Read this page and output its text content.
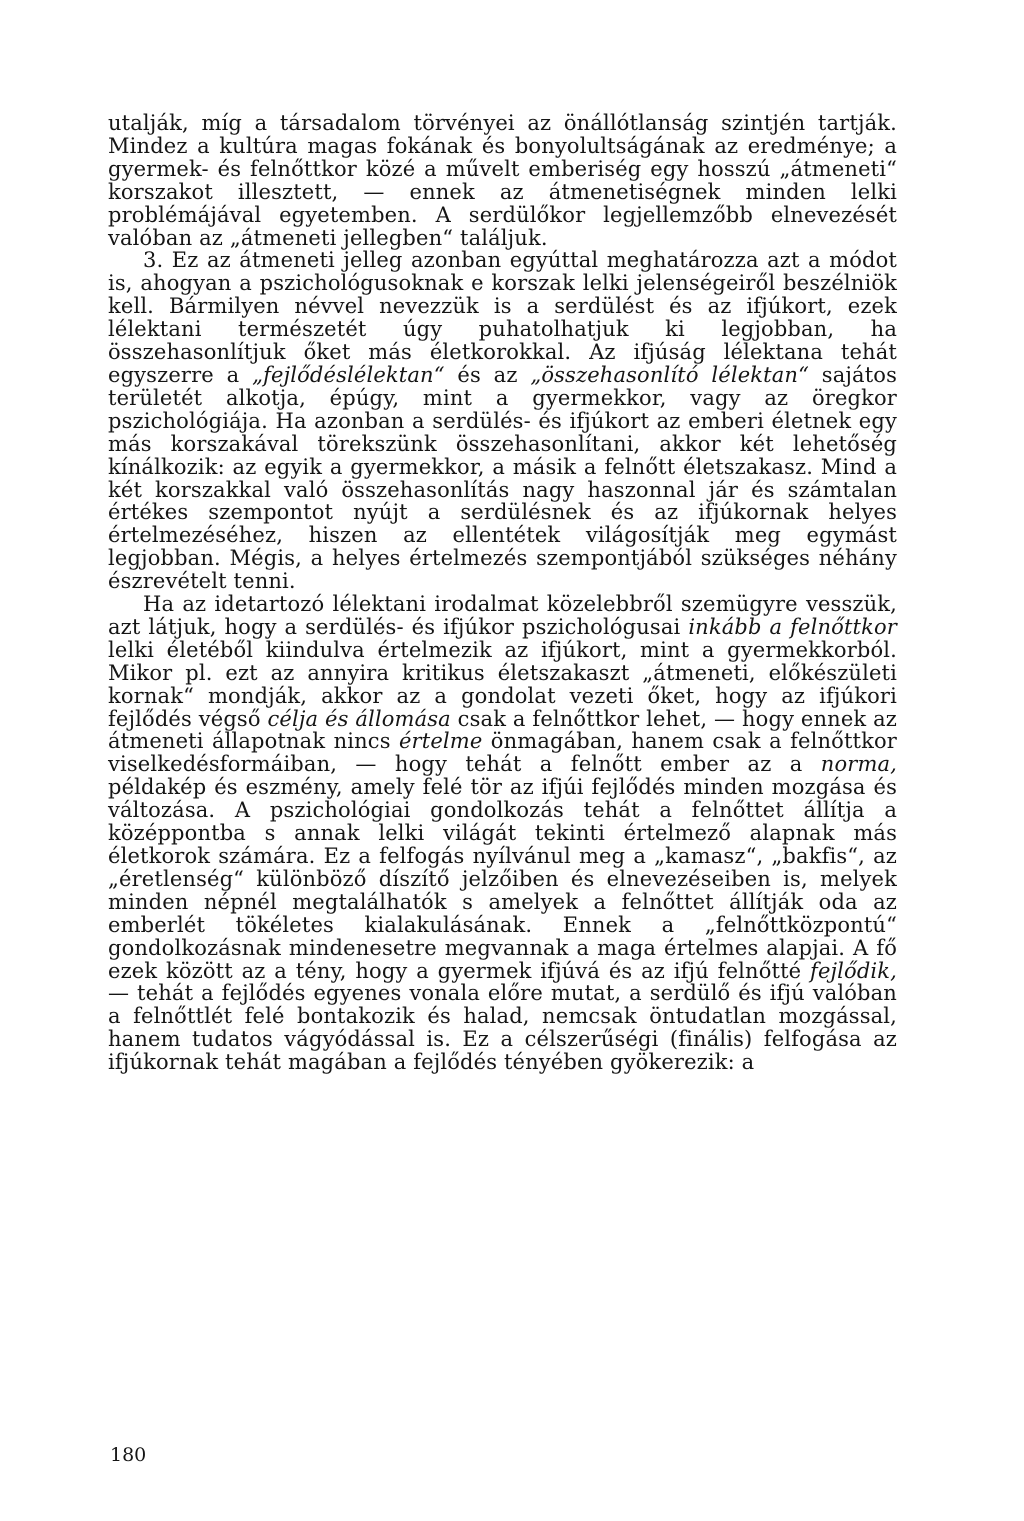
utalják, míg a társadalom törvényei az önállótlanság szintjén tartják. Mindez a kultúra magas fokának és bonyolultságának az eredménye; a gyermek- és felnőttkor közé a művelt emberiség egy hosszú „átmeneti“ korszakot illesztett, — ennek az átmenetiségnek minden lelki problémájával egyetemben. A serdülőkor legjellemzőbb elnevezését valóban az „átmeneti jellegben“ találjuk.

3. Ez az átmeneti jelleg azonban egyúttal meghatározza azt a módot is, ahogyan a pszichológusoknak e korszak lelki jelenségeiről beszélniök kell. Bármilyen névvel nevezzük is a serdülést és az ifjúkort, ezek lélektani természetét úgy puhatolhatjuk ki legjobban, ha összehasonlítjuk őket más életkorokkal. Az ifjúság lélektana tehát egyszerre a „fejlődéslélektan“ és az „összehasonlító lélektan“ sajátos területét alkotja, épúgy, mint a gyermekkor, vagy az öregkor pszichológiája. Ha azonban a serdülés- és ifjúkort az emberi életnek egy más korszakával törekszünk összehasonlítani, akkor két lehetőség kínálkozik: az egyik a gyermekkor, a másik a felnőtt életszakasz. Mind a két korszakkal való összehasonlítás nagy haszonnal jár és számtalan értékes szempontot nyújt a serdülésnek és az ifjúkornak helyes értelmezéséhez, hiszen az ellentétek világosítják meg egymást legjobban. Mégis, a helyes értelmezés szempontjából szükséges néhány észrevételt tenni.

Ha az idetartozó lélektani irodalmat közelebbről szemügyre vesszük, azt látjuk, hogy a serdülés- és ifjúkor pszichológusai inkább a felnőttkor lelki életéből kiindulva értelmezik az ifjúkort, mint a gyermekkorból. Mikor pl. ezt az annyira kritikus életszakaszt „átmeneti, előkészületi kornak“ mondják, akkor az a gondolat vezeti őket, hogy az ifjúkori fejlődés végső célja és állomása csak a felnőttkor lehet, — hogy ennek az átmeneti állapotnak nincs értelme önmagában, hanem csak a felnőttkor viselkedésformáiban, — hogy tehát a felnőtt ember az a norma, példakép és eszmény, amely felé tör az ifjúi fejlődés minden mozgása és változása. A pszichológiai gondolkozás tehát a felnőttet állítja a középpontba s annak lelki világát tekinti értelmező alapnak más életkorok számára. Ez a felfogás nyílvánul meg a „kamasz“, „bakfis“, az „éretlenség“ különböző díszítő jelzőiben és elnevezéseiben is, melyek minden népnél megtalálhatók s amelyek a felnőttet állítják oda az emberlét tökéletes kialakulásának. Ennek a „felnőttközpontú“ gondolkozásnak mindenesetre megvannak a maga értelmes alapjai. A fő ezek között az a tény, hogy a gyermek ifjúvá és az ifjú felnőtté fejlődik, — tehát a fejlődés egyenes vonala előre mutat, a serdülő és ifjú valóban a felnőttlét felé bontakozik és halad, nemcsak öntudatlan mozgással, hanem tudatos vágyódással is. Ez a célszerűségi (finális) felfogása az ifjúkornak tehát magában a fejlődés tényében gyökerezik: a

180
